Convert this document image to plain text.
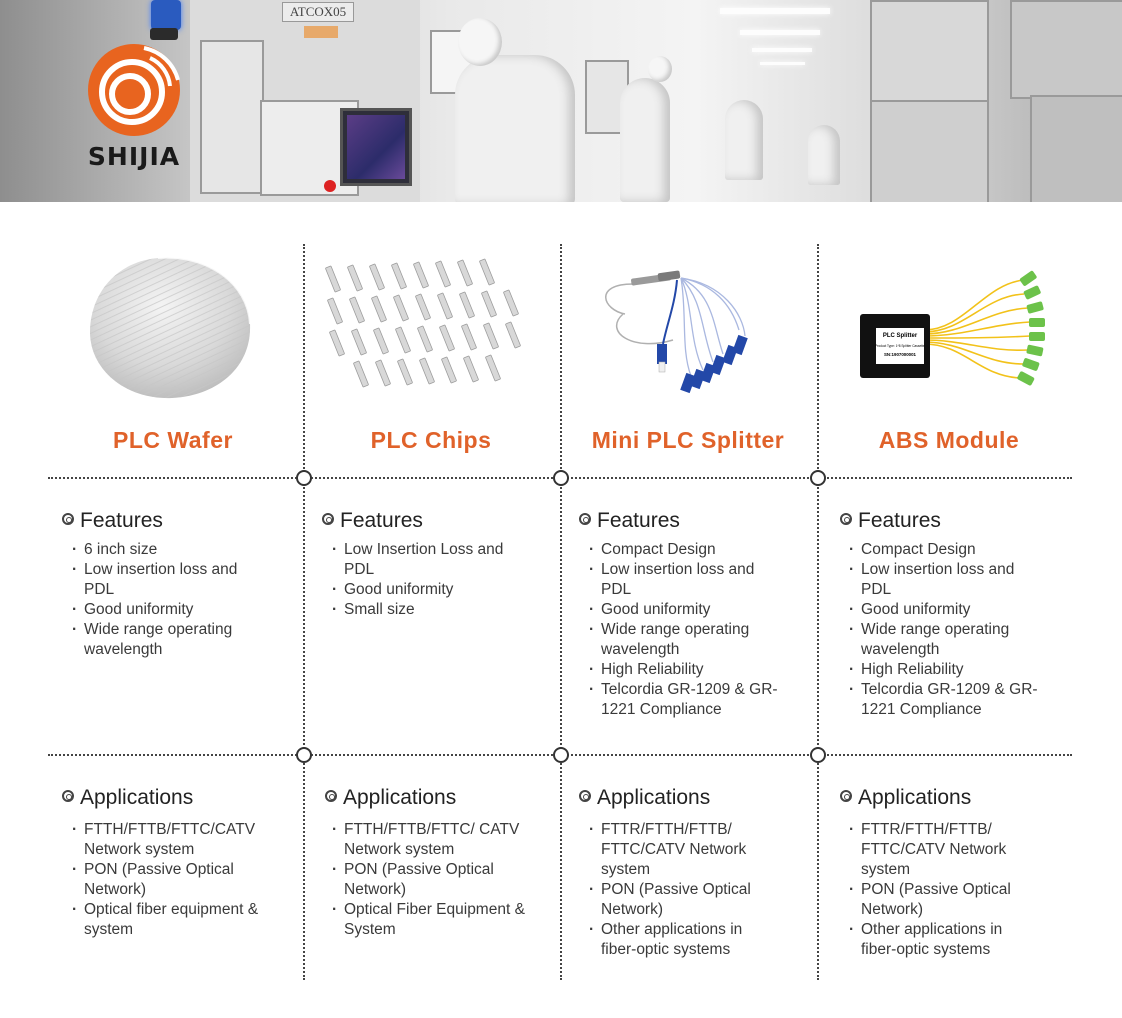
ATCOX05
SHIJIA
PLC Wafer
Features
· 6 inch size
· Low insertion loss and PDL
· Good uniformity
· Wide range operating wavelength
Applications
· FTTH/FTTB/FTTC/CATV Network system
· PON (Passive Optical Network)
· Optical fiber equipment & system
PLC Chips
Features
· Low Insertion Loss and PDL
· Good uniformity
· Small size
Applications
· FTTH/FTTB/FTTC/ CATV Network system
· PON (Passive Optical Network)
· Optical Fiber Equipment & System
Mini PLC Splitter
Features
· Compact Design
· Low insertion loss and PDL
· Good uniformity
· Wide range operating wavelength
· High Reliability
· Telcordia GR-1209 & GR-1221 Compliance
Applications
· FTTR/FTTH/FTTB/ FTTC/CATV Network system
· PON (Passive Optical Network)
· Other applications in fiber-optic systems
PLC Splitter
Product Type: 1*8 Splitter Cassette
SN:1907000001
ABS Module
Features
· Compact Design
· Low insertion loss and PDL
· Good uniformity
· Wide range operating wavelength
· High Reliability
· Telcordia GR-1209 & GR-1221 Compliance
Applications
· FTTR/FTTH/FTTB/ FTTC/CATV Network system
· PON (Passive Optical Network)
· Other applications in fiber-optic systems
